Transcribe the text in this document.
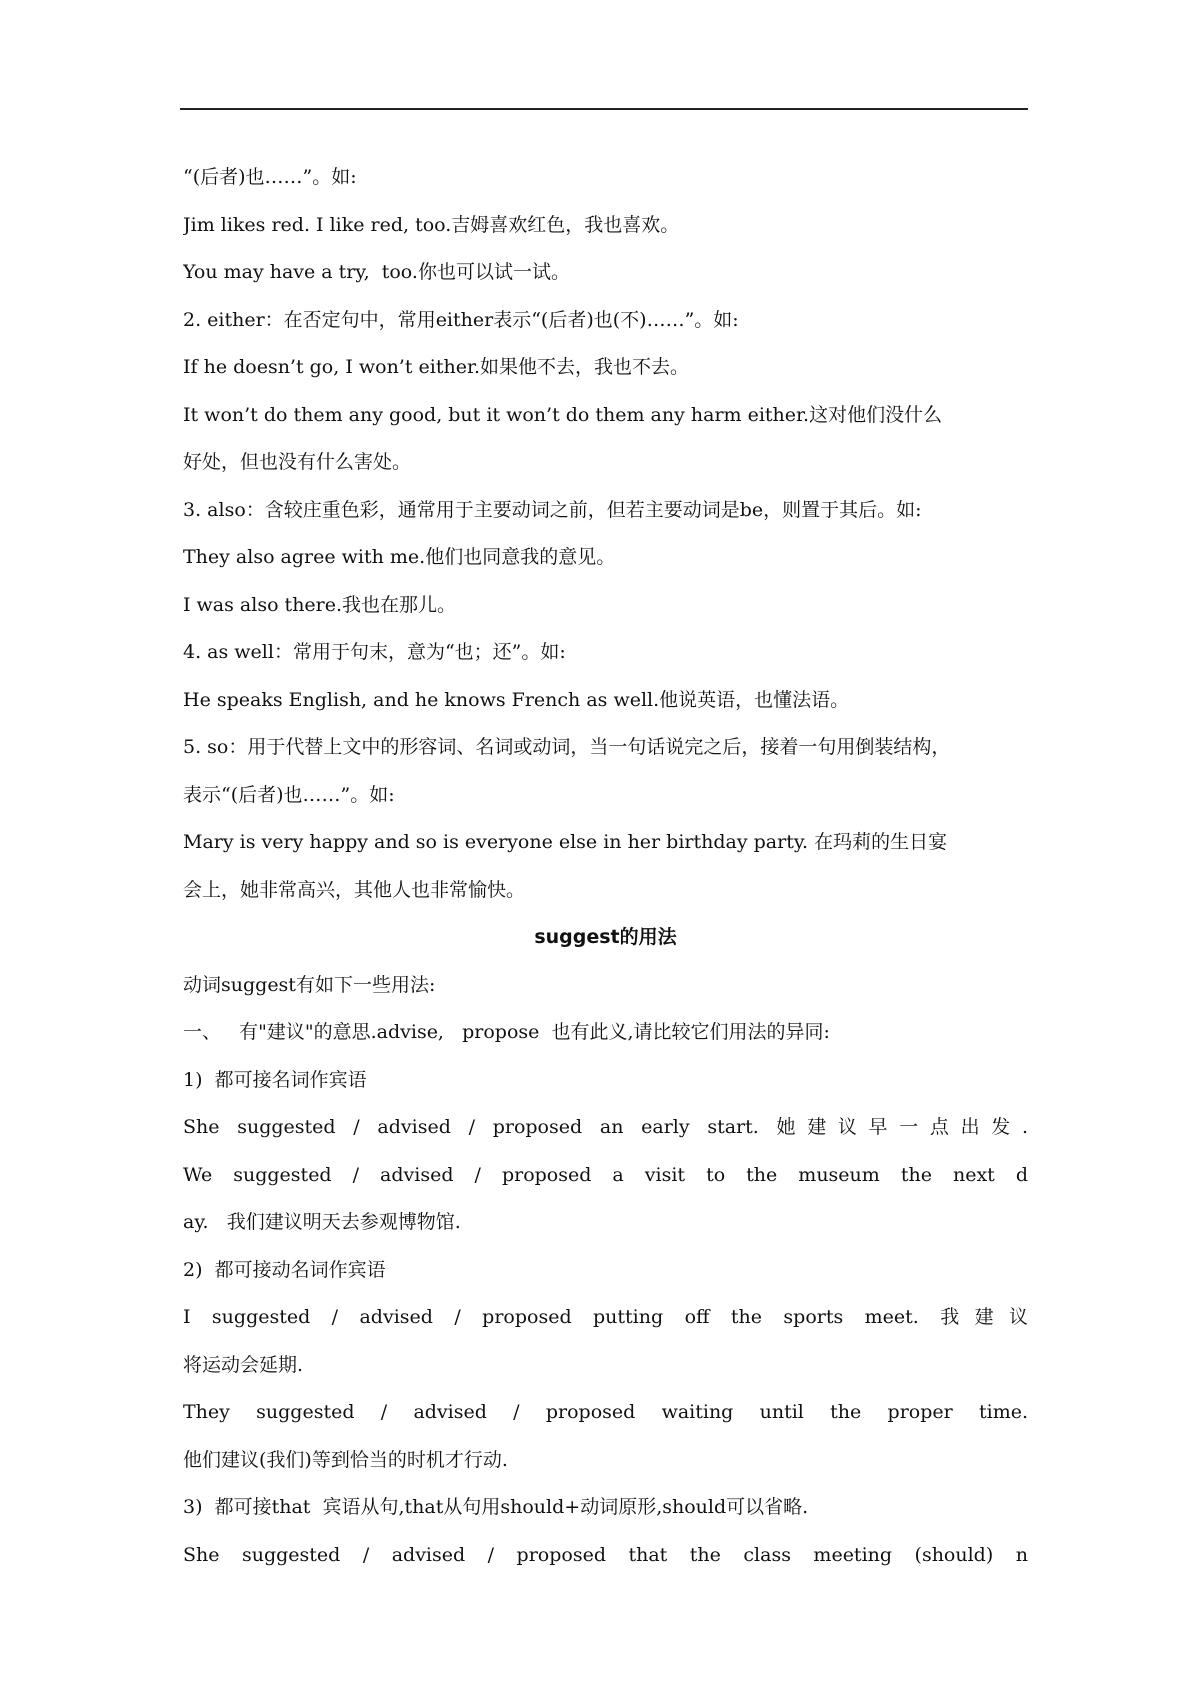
“(后者)也……”。如:
Jim likes red. I like red, too.吉姆喜欢红色，我也喜欢。
You may have a try,  too.你也可以试一试。
2. either：在否定句中，常用either表示“(后者)也(不)……”。如:
If he doesn’t go, I won’t either.如果他不去，我也不去。
It won’t do them any good, but it won’t do them any harm either.这对他们没什么
好处，但也没有什么害处。
3. also：含较庄重色彩，通常用于主要动词之前，但若主要动词是be，则置于其后。如:
They also agree with me.他们也同意我的意见。
I was also there.我也在那儿。
4. as well：常用于句末，意为“也；还”。如:
He speaks English, and he knows French as well.他说英语，也懂法语。
5. so：用于代替上文中的形容词、名词或动词，当一句话说完之后，接着一句用倒装结构，
表示“(后者)也……”。如:
Mary is very happy and so is everyone else in her birthday party. 在玛莉的生日宴
会上，她非常高兴，其他人也非常愉快。
suggest的用法
动词suggest有如下一些用法:
一、   有"建议"的意思.advise,   propose  也有此义,请比较它们用法的异同:
1)  都可接名词作宾语
She suggested / advised / proposed an early start. 她建议早一点出发.
We suggested / advised / proposed a visit to the museum the next d
ay.   我们建议明天去参观博物馆.
2)  都可接动名词作宾语
I suggested / advised / proposed putting off the sports meet. 我建议
将运动会延期.
They suggested / advised / proposed waiting until the proper time.
他们建议(我们)等到恰当的时机才行动.
3)  都可接that  宾语从句,that从句用should+动词原形,should可以省略.
She suggested / advised / proposed that the class meeting (should) n
